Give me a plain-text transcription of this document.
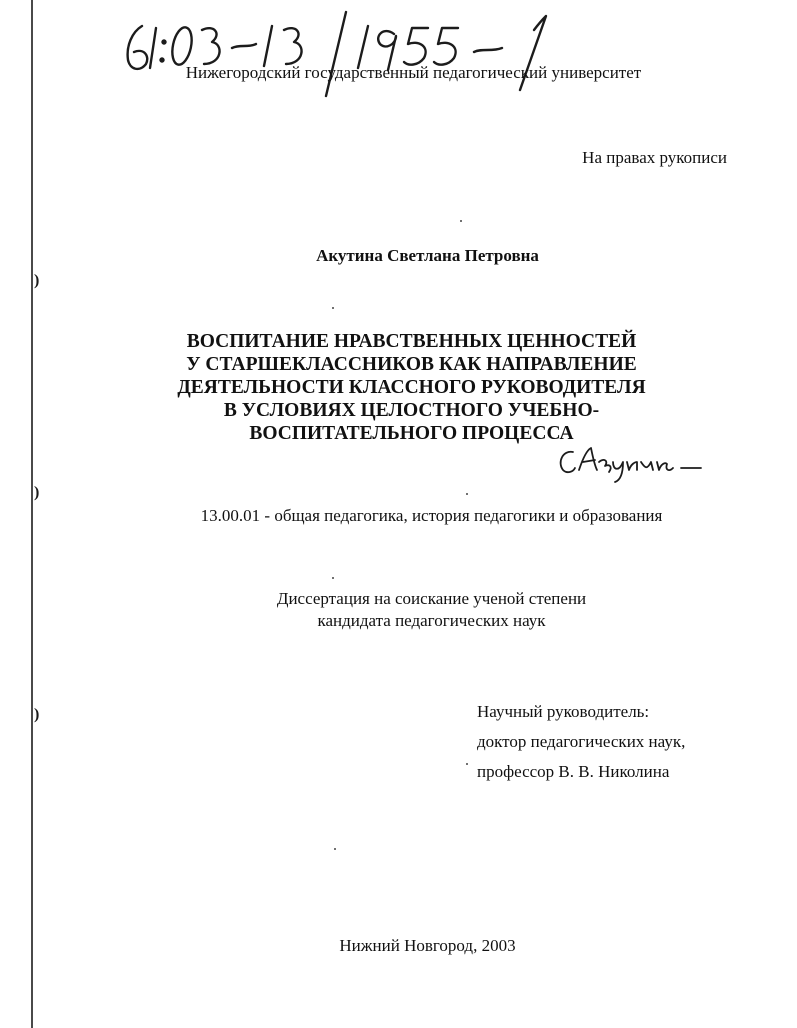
)
)
)
Нижегородский государственный педагогический университет
На правах рукописи
Акутина Светлана Петровна
ВОСПИТАНИЕ НРАВСТВЕННЫХ ЦЕННОСТЕЙ
У СТАРШЕКЛАССНИКОВ КАК НАПРАВЛЕНИЕ
ДЕЯТЕЛЬНОСТИ КЛАССНОГО РУКОВОДИТЕЛЯ
В УСЛОВИЯХ ЦЕЛОСТНОГО УЧЕБНО-
ВОСПИТАТЕЛЬНОГО ПРОЦЕССА
13.00.01 - общая педагогика, история педагогики и образования
Диссертация на соискание ученой степени
кандидата педагогических наук
Научный руководитель:
доктор педагогических наук,
профессор В. В. Николина
Нижний Новгород, 2003
